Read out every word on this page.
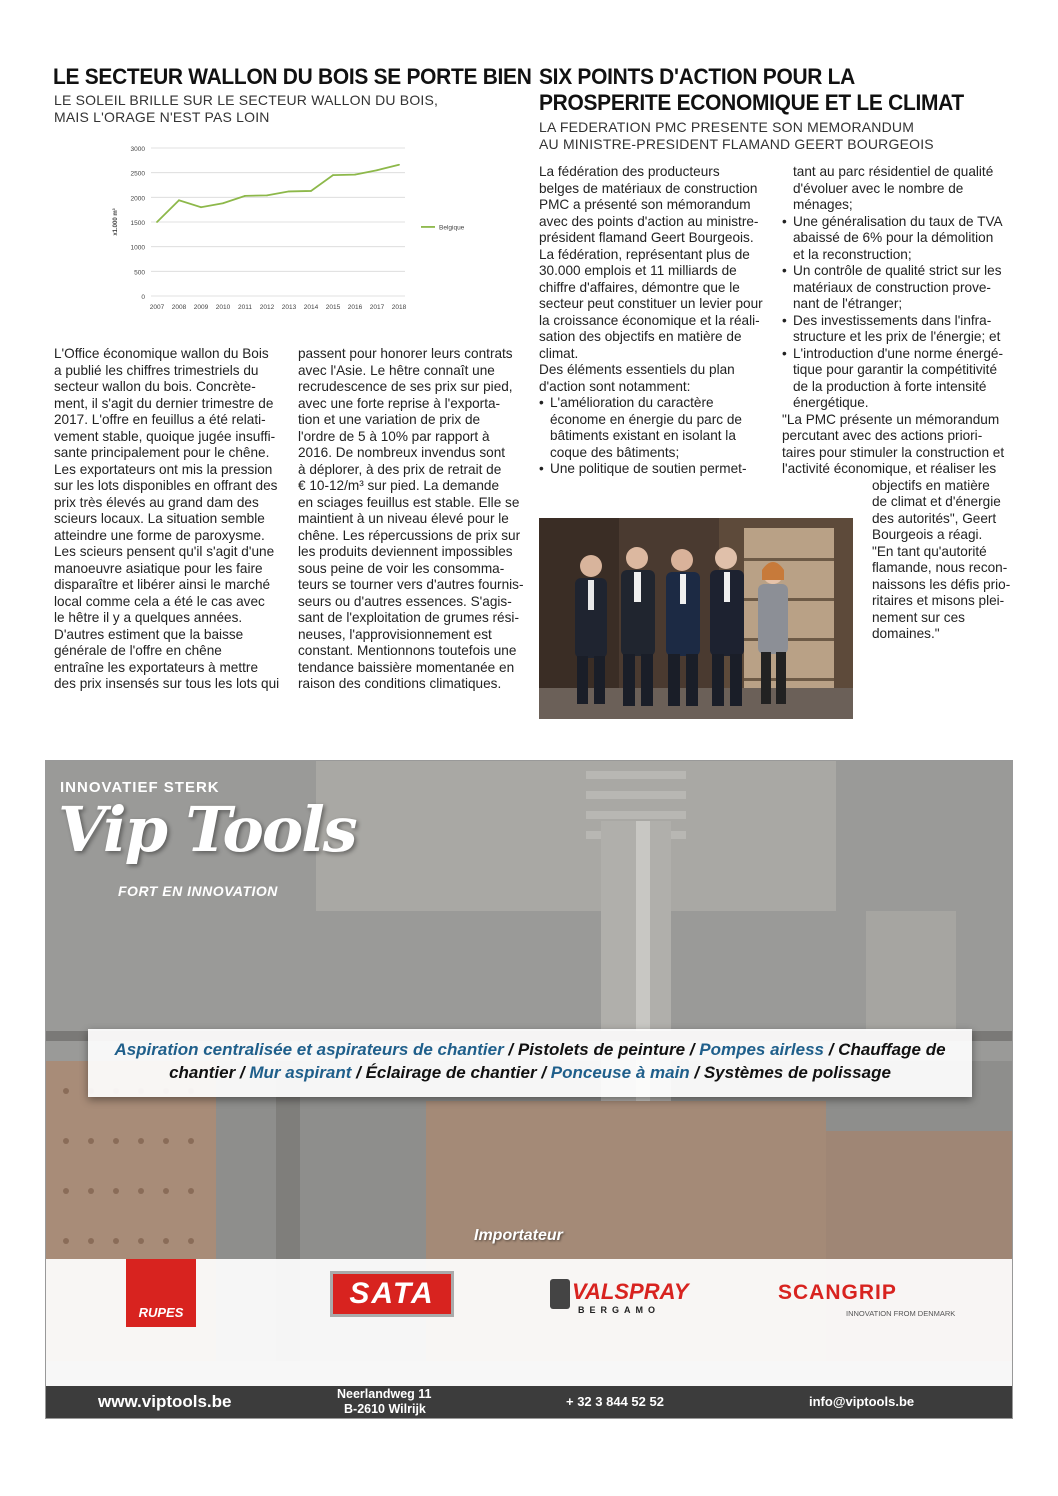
LE SECTEUR WALLON DU BOIS SE PORTE BIEN
LE SOLEIL BRILLE SUR LE SECTEUR WALLON DU BOIS,
MAIS L'ORAGE N'EST PAS LOIN
0
500
1000
1500
2000
2500
3000
2007 2008 2009 2010 2011 2012 2013 2014 2015 2016 2017 2018
x1.000 m³	Belgique

L'Office économique wallon du Bois
a publié les chiffres trimestriels du
secteur wallon du bois. Concrète-
ment, il s'agit du dernier trimestre de
2017. L'offre en feuillus a été relati-
vement stable, quoique jugée insuffi-
sante principalement pour le chêne.
Les exportateurs ont mis la pression
sur les lots disponibles en offrant des
prix très élevés au grand dam des
scieurs locaux. La situation semble
atteindre une forme de paroxysme.
Les scieurs pensent qu'il s'agit d'une
manoeuvre asiatique pour les faire
disparaître et libérer ainsi le marché
local comme cela a été le cas avec
le hêtre il y a quelques années.
D'autres estiment que la baisse
générale de l'offre en chêne
entraîne les exportateurs à mettre
des prix insensés sur tous les lots qui

passent pour honorer leurs contrats
avec l'Asie. Le hêtre connaît une
recrudescence de ses prix sur pied,
avec une forte reprise à l'exporta-
tion et une variation de prix de
l'ordre de 5 à 10% par rapport à
2016. De nombreux invendus sont
à déplorer, à des prix de retrait de
€ 10-12/m³ sur pied. La demande
en sciages feuillus est stable. Elle se
maintient à un niveau élevé pour le
chêne. Les répercussions de prix sur
les produits deviennent impossibles
sous peine de voir les consomma-
teurs se tourner vers d'autres fournis-
seurs ou d'autres essences. S'agis-
sant de l'exploitation de grumes rési-
neuses, l'approvisionnement est
constant. Mentionnons toutefois une
tendance baissière momentanée en
raison des conditions climatiques.

SIX POINTS D'ACTION POUR LA
PROSPERITE ECONOMIQUE ET LE CLIMAT
LA FEDERATION PMC PRESENTE SON MEMORANDUM
AU MINISTRE-PRESIDENT FLAMAND GEERT BOURGEOIS

La fédération des producteurs
belges de matériaux de construction
PMC a présenté son mémorandum
avec des points d'action au ministre-
président flamand Geert Bourgeois.
La fédération, représentant plus de
30.000 emplois et 11 milliards de
chiffre d'affaires, démontre que le
secteur peut constituer un levier pour
la croissance économique et la réali-
sation des objectifs en matière de
climat.
Des éléments essentiels du plan
d'action sont notamment:

• L'amélioration du caractère
économe en énergie du parc de
bâtiments existant en isolant la
coque des bâtiments;

• Une politique de soutien permet-

tant au parc résidentiel de qualité
d'évoluer avec le nombre de
ménages;

• Une généralisation du taux de TVA
abaissé de 6% pour la démolition
et la reconstruction;

• Un contrôle de qualité strict sur les
matériaux de construction prove-
nant de l'étranger;

• Des investissements dans l'infra-
structure et les prix de l'énergie; et

• L'introduction d'une norme énergé-
tique pour garantir la compétitivité
de la production à forte intensité
énergétique.

"La PMC présente un mémorandum
percutant avec des actions priori-
taires pour stimuler la construction et
l'activité économique, et réaliser les

objectifs en matière
de climat et d'énergie
des autorités", Geert
Bourgeois a réagi.
"En tant qu'autorité
flamande, nous recon-
naissons les défis prio-
ritaires et misons plei-
nement sur ces
domaines."

INNOVATIEF STERK
Vip Tools
FORT EN INNOVATION
Aspiration centralisée et aspirateurs de chantier / Pistolets de peinture / Pompes airless / Chauffage de chantier / Mur aspirant / Éclairage de chantier / Ponceuse à main / Systèmes de polissage
Importateur
RUPES
SATA	VALSPRAY
BERGAMO
SCANGRIP
INNOVATION FROM DENMARK
www.viptools.be	Neerlandweg 11
B-2610 Wilrijk	+ 32 3 844 52 52	info@viptools.be
